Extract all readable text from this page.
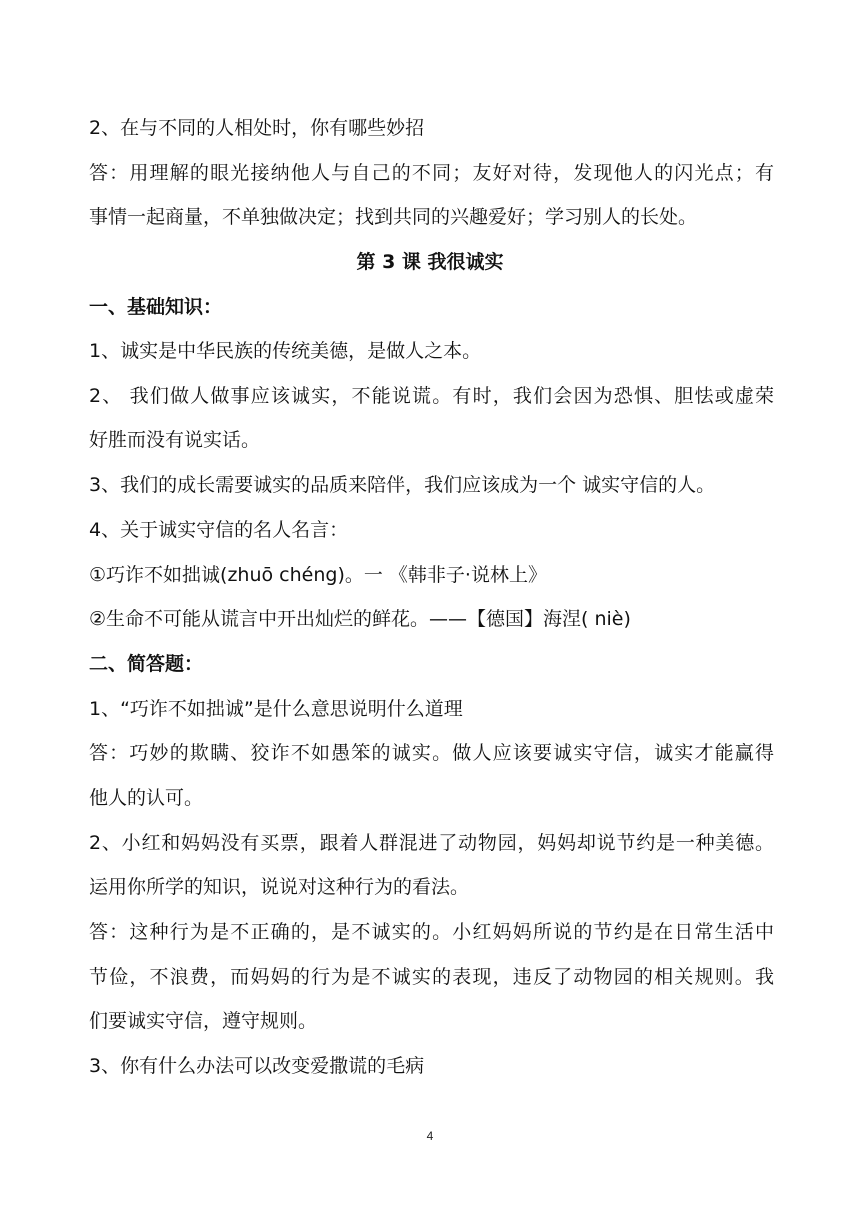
2、在与不同的人相处时，你有哪些妙招
答：用理解的眼光接纳他人与自己的不同；友好对待，发现他人的闪光点；有
事情一起商量，不单独做决定；找到共同的兴趣爱好；学习别人的长处。
第 3 课 我很诚实
一、基础知识：
1、诚实是中华民族的传统美德，是做人之本。
2、 我们做人做事应该诚实，不能说谎。有时，我们会因为恐惧、胆怯或虚荣
好胜而没有说实话。
3、我们的成长需要诚实的品质来陪伴，我们应该成为一个 诚实守信的人。
4、关于诚实守信的名人名言：
①巧诈不如拙诚(zhuō chéng)。一 《韩非子·说林上》
②生命不可能从谎言中开出灿烂的鲜花。——【德国】海涅( niè)
二、简答题：
1、“巧诈不如拙诚”是什么意思说明什么道理
答：巧妙的欺瞒、狡诈不如愚笨的诚实。做人应该要诚实守信，诚实才能赢得
他人的认可。
2、小红和妈妈没有买票，跟着人群混进了动物园，妈妈却说节约是一种美德。
运用你所学的知识，说说对这种行为的看法。
答：这种行为是不正确的，是不诚实的。小红妈妈所说的节约是在日常生活中
节俭，不浪费，而妈妈的行为是不诚实的表现，违反了动物园的相关规则。我
们要诚实守信，遵守规则。
3、你有什么办法可以改变爱撒谎的毛病
4
